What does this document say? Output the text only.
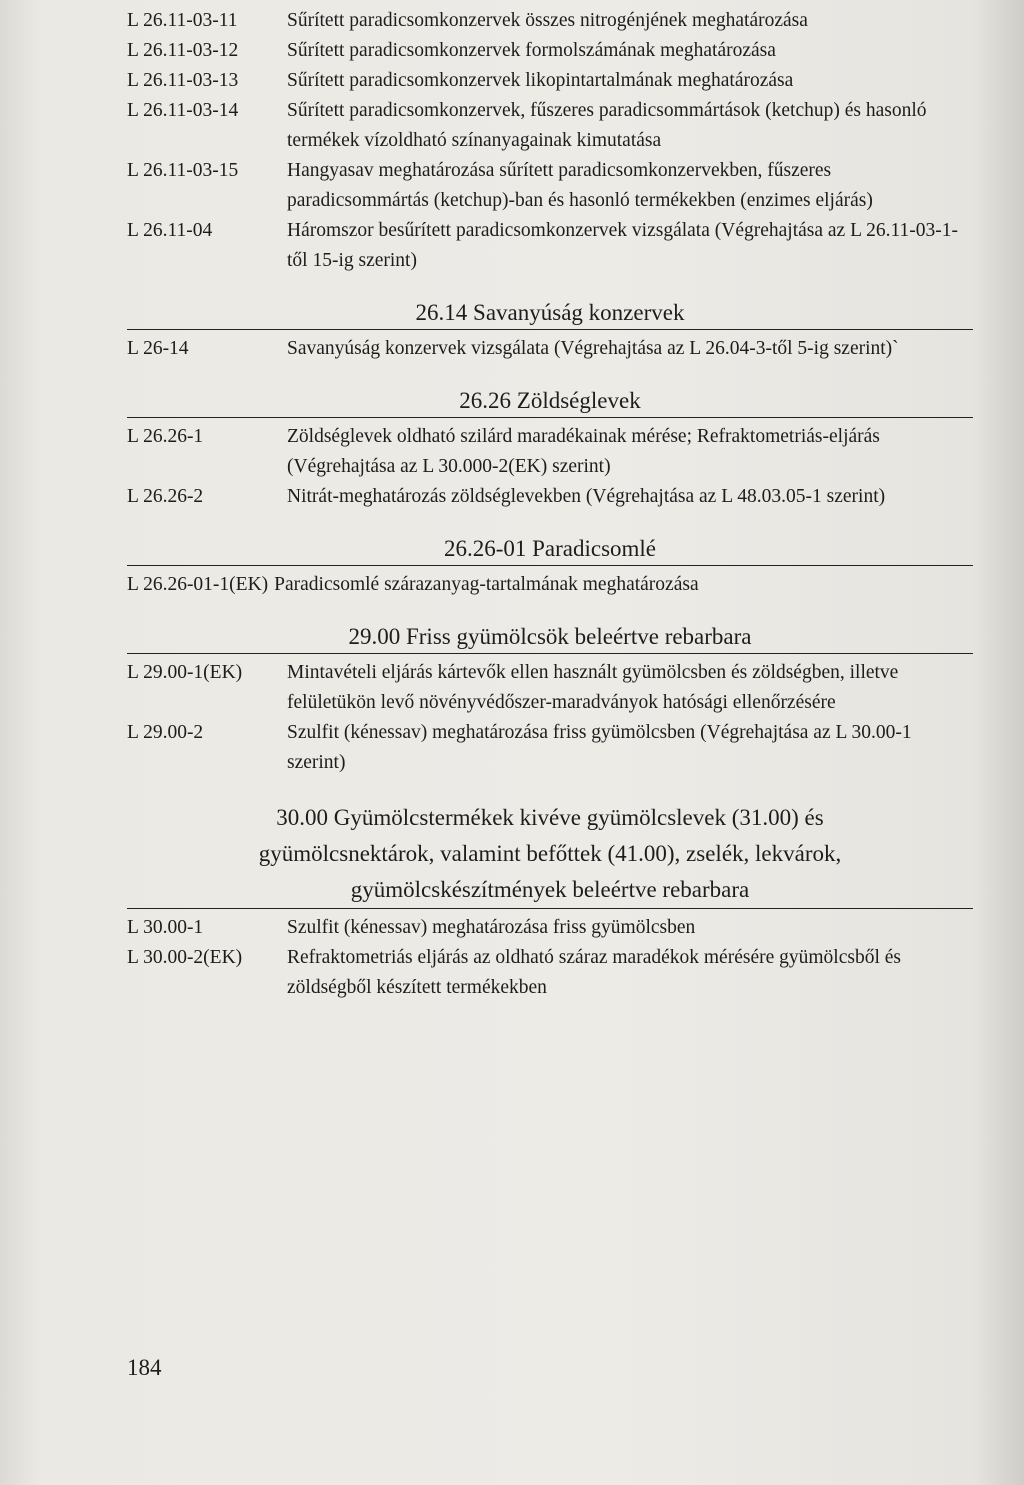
L 26.11-03-11	Sűrített paradicsomkonzervek összes nitrogénjének meghatározása
L 26.11-03-12	Sűrített paradicsomkonzervek formolszámának meghatározása
L 26.11-03-13	Sűrített paradicsomkonzervek likopintartalmának meghatározása
L 26.11-03-14	Sűrített paradicsomkonzervek, fűszeres paradicsommártások (ketchup) és hasonló termékek vízoldható színanyagainak kimutatása
L 26.11-03-15	Hangyasav meghatározása sűrített paradicsomkonzervekben, fűszeres paradicsommártás (ketchup)-ban és hasonló termékekben (enzimes eljárás)
L 26.11-04	Háromszor besűrített paradicsomkonzervek vizsgálata (Végrehajtása az L 26.11-03-1-től 15-ig szerint)
26.14 Savanyúság konzervek
L 26-14	Savanyúság konzervek vizsgálata (Végrehajtása az L 26.04-3-től 5-ig szerint)`
26.26 Zöldséglevek
L 26.26-1	Zöldséglevek oldható szilárd maradékainak mérése; Refraktometriás-eljárás (Végrehajtása az L 30.000-2(EK) szerint)
L 26.26-2	Nitrát-meghatározás zöldséglevekben (Végrehajtása az L 48.03.05-1 szerint)
26.26-01 Paradicsomlé
L 26.26-01-1(EK) Paradicsomlé szárazanyag-tartalmának meghatározása
29.00 Friss gyümölcsök beleértve rebarbara
L 29.00-1(EK)	Mintavételi eljárás kártevők ellen használt gyümölcsben és zöldségben, illetve felületükön levő növényvédőszer-maradványok hatósági ellenőrzésére
L 29.00-2	Szulfit (kénessav) meghatározása friss gyümölcsben (Végrehajtása az L 30.00-1 szerint)
30.00 Gyümölcstermékek kivéve gyümölcslevek (31.00) és gyümölcsnektárok, valamint befőttek (41.00), zselék, lekvárok, gyümölcskészítmények beleértve rebarbara
L 30.00-1	Szulfit (kénessav) meghatározása friss gyümölcsben
L 30.00-2(EK)	Refraktometriás eljárás az oldható száraz maradékok mérésére gyümölcsből és zöldségből készített termékekben
184
